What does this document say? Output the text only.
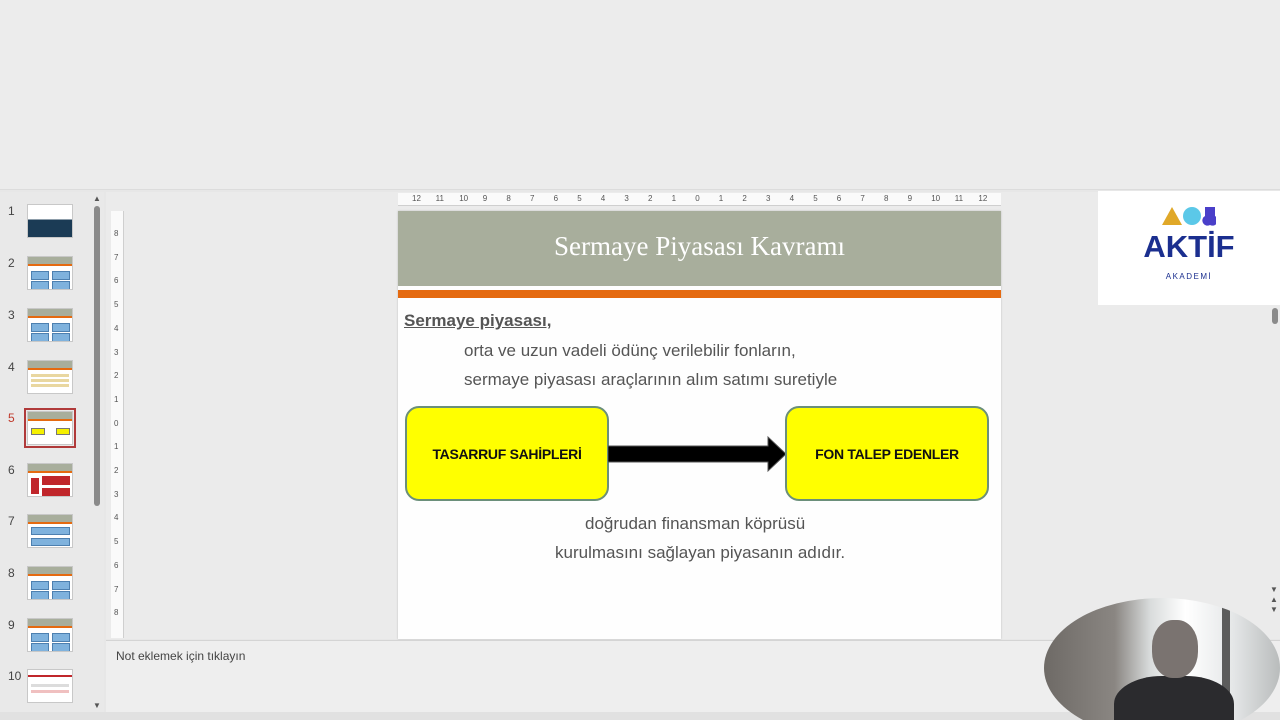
1
2
3
4
5
6
7
8
9
10
▲
▼
12 11 10 9 8 7 6 5 4 3 2 1 0 1 2 3 4 5 6 7 8 9 10 11 12
8
7
6
5
4
3
2
1
0
1
2
3
4
5
6
7
8
Sermaye Piyasası Kavramı
Sermaye piyasası,
orta ve uzun vadeli ödünç verilebilir fonların,
sermaye piyasası araçlarının alım satımı suretiyle
TASARRUF SAHİPLERİ	FON TALEP EDENLER
doğrudan finansman köprüsü
kurulmasını sağlayan piyasanın adıdır.
AKTİF
AKADEMİ
▼
▲
▼
Not eklemek için tıklayın
